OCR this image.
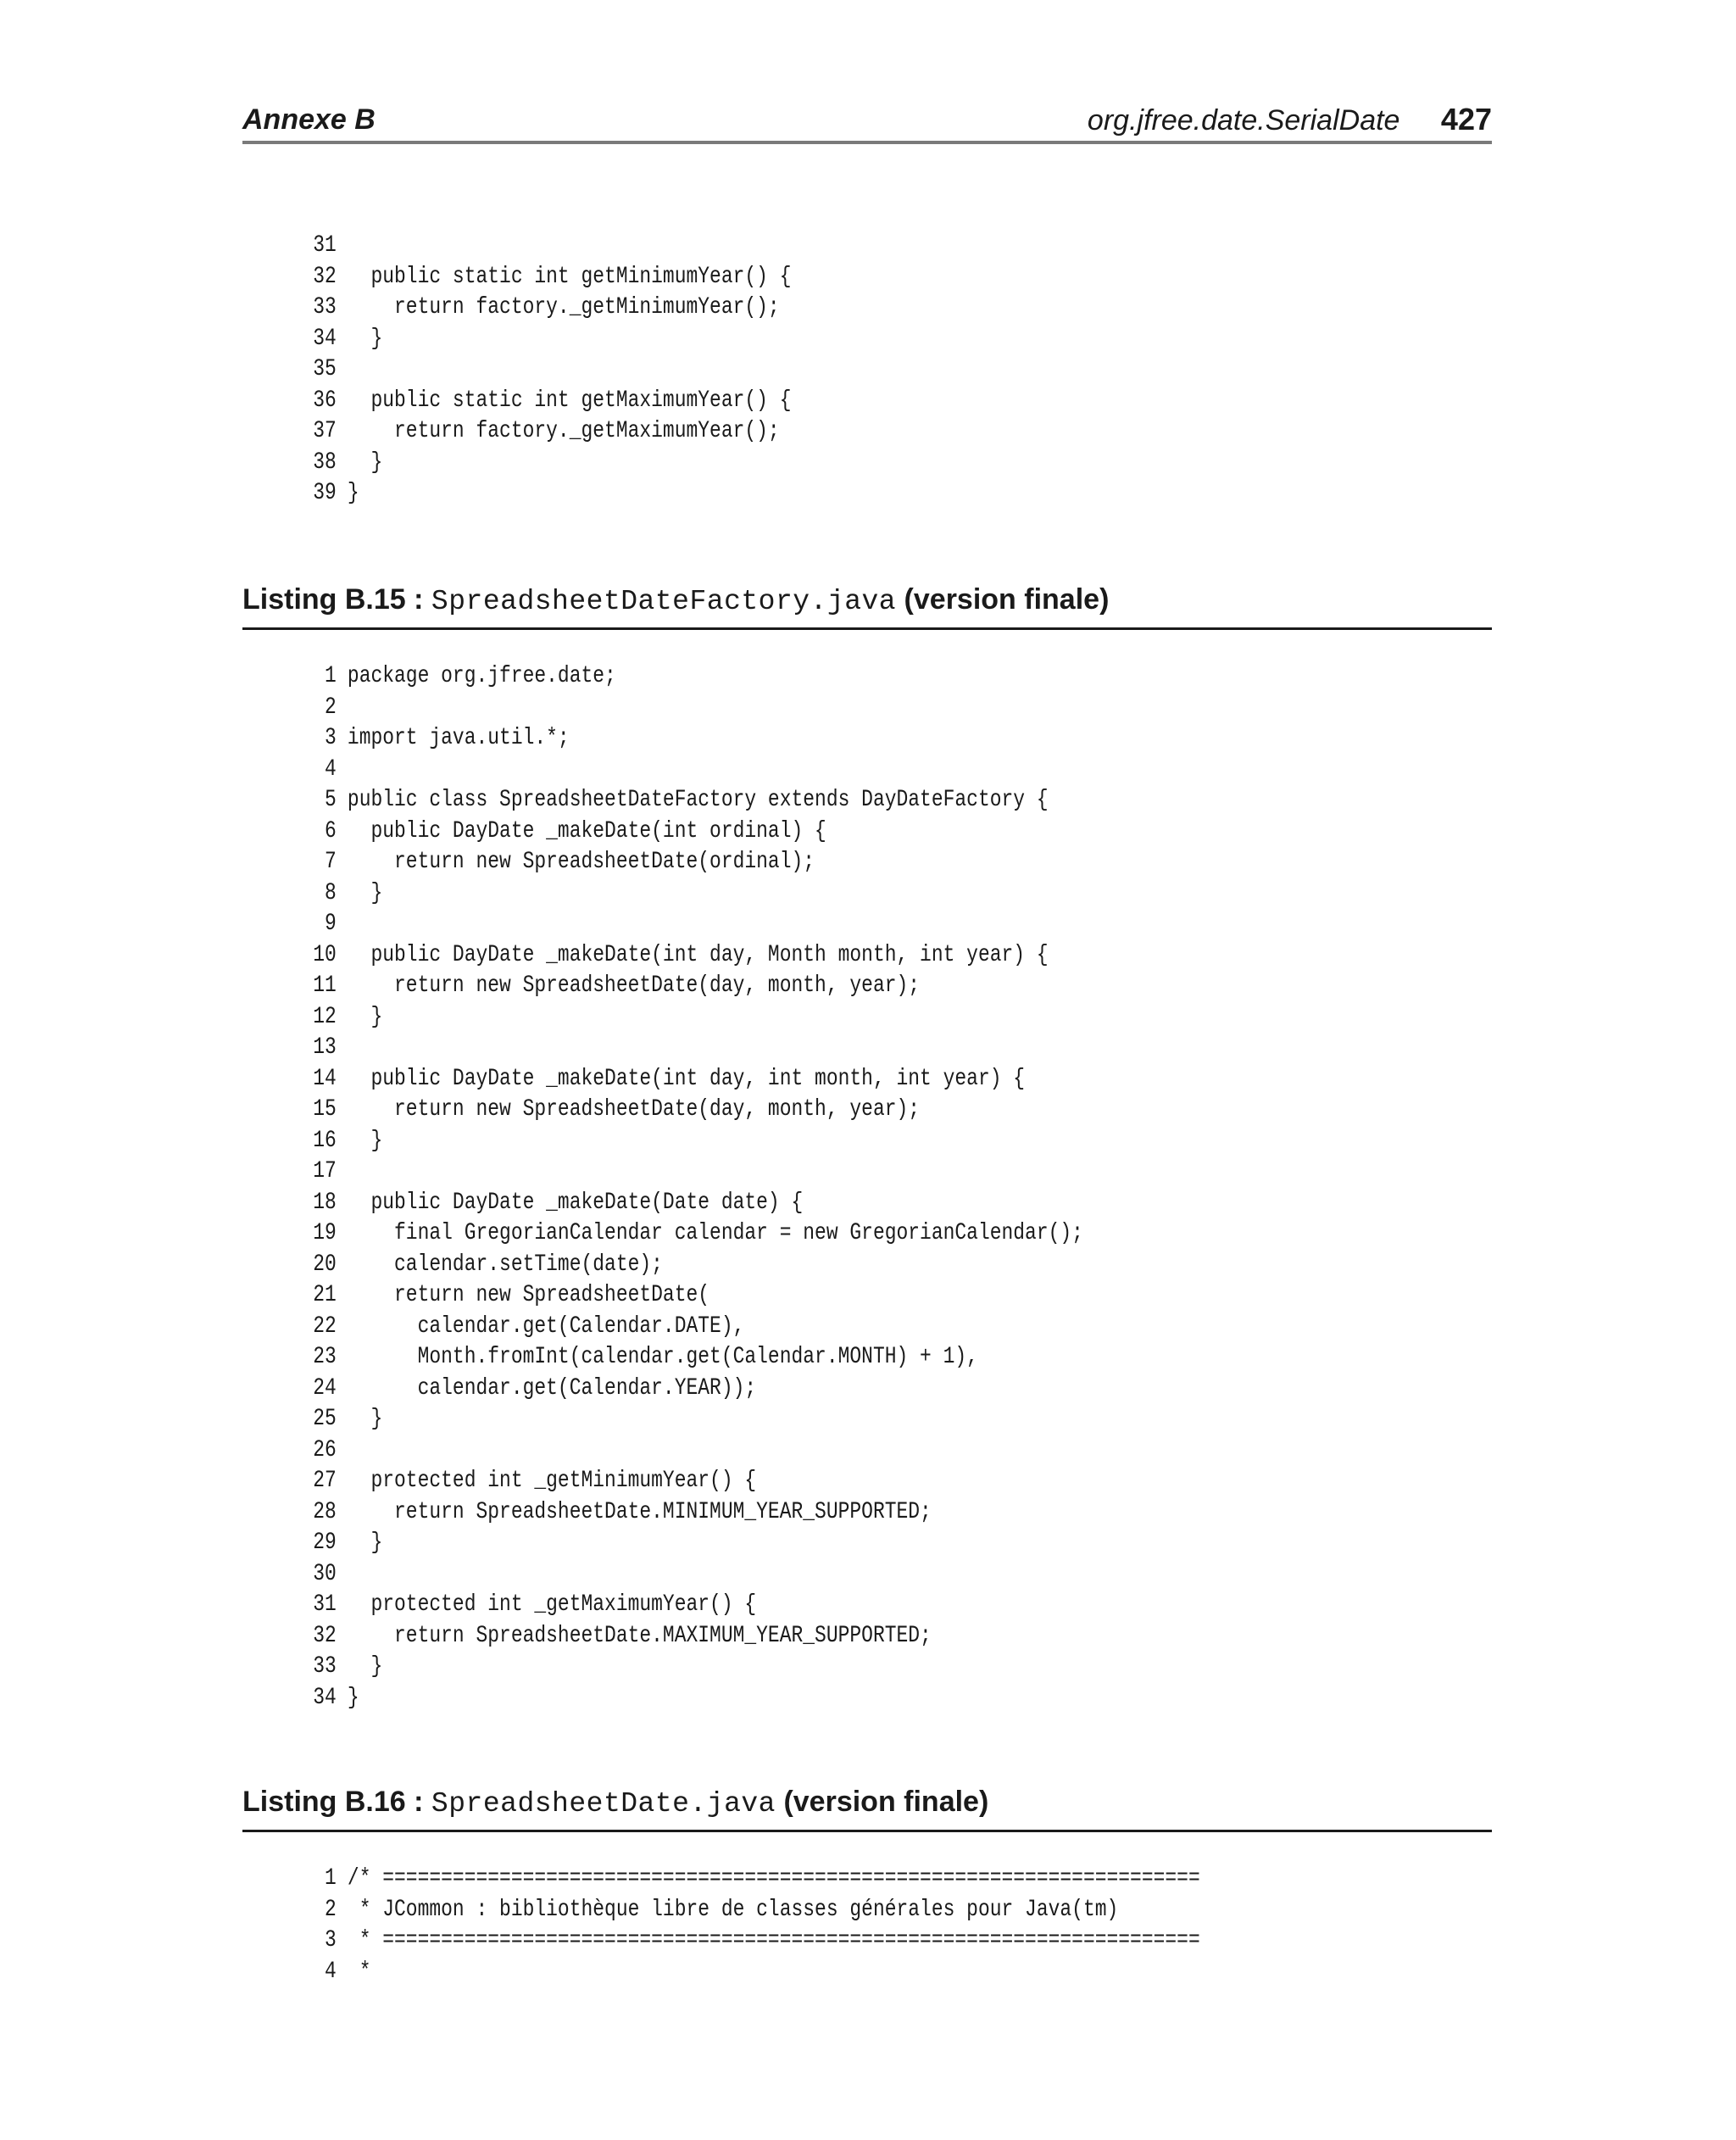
Annexe B	org.jfree.date.SerialDate 427
31
32  public static int getMinimumYear() {
33    return factory._getMinimumYear();
34  }
35
36  public static int getMaximumYear() {
37    return factory._getMaximumYear();
38  }
39 }
Listing B.15 : SpreadsheetDateFactory.java (version finale)
1 package org.jfree.date;
2
3 import java.util.*;
4
5 public class SpreadsheetDateFactory extends DayDateFactory {
6  public DayDate _makeDate(int ordinal) {
7    return new SpreadsheetDate(ordinal);
8  }
9
10  public DayDate _makeDate(int day, Month month, int year) {
11    return new SpreadsheetDate(day, month, year);
12  }
13
14  public DayDate _makeDate(int day, int month, int year) {
15    return new SpreadsheetDate(day, month, year);
16  }
17
18  public DayDate _makeDate(Date date) {
19    final GregorianCalendar calendar = new GregorianCalendar();
20    calendar.setTime(date);
21    return new SpreadsheetDate(
22      calendar.get(Calendar.DATE),
23      Month.fromInt(calendar.get(Calendar.MONTH) + 1),
24      calendar.get(Calendar.YEAR));
25  }
26
27  protected int _getMinimumYear() {
28    return SpreadsheetDate.MINIMUM_YEAR_SUPPORTED;
29  }
30
31  protected int _getMaximumYear() {
32    return SpreadsheetDate.MAXIMUM_YEAR_SUPPORTED;
33  }
34 }
Listing B.16 : SpreadsheetDate.java (version finale)
1 /* ======================================================================
2 * JCommon : bibliothèque libre de classes générales pour Java(tm)
3 * ======================================================================
4 *
